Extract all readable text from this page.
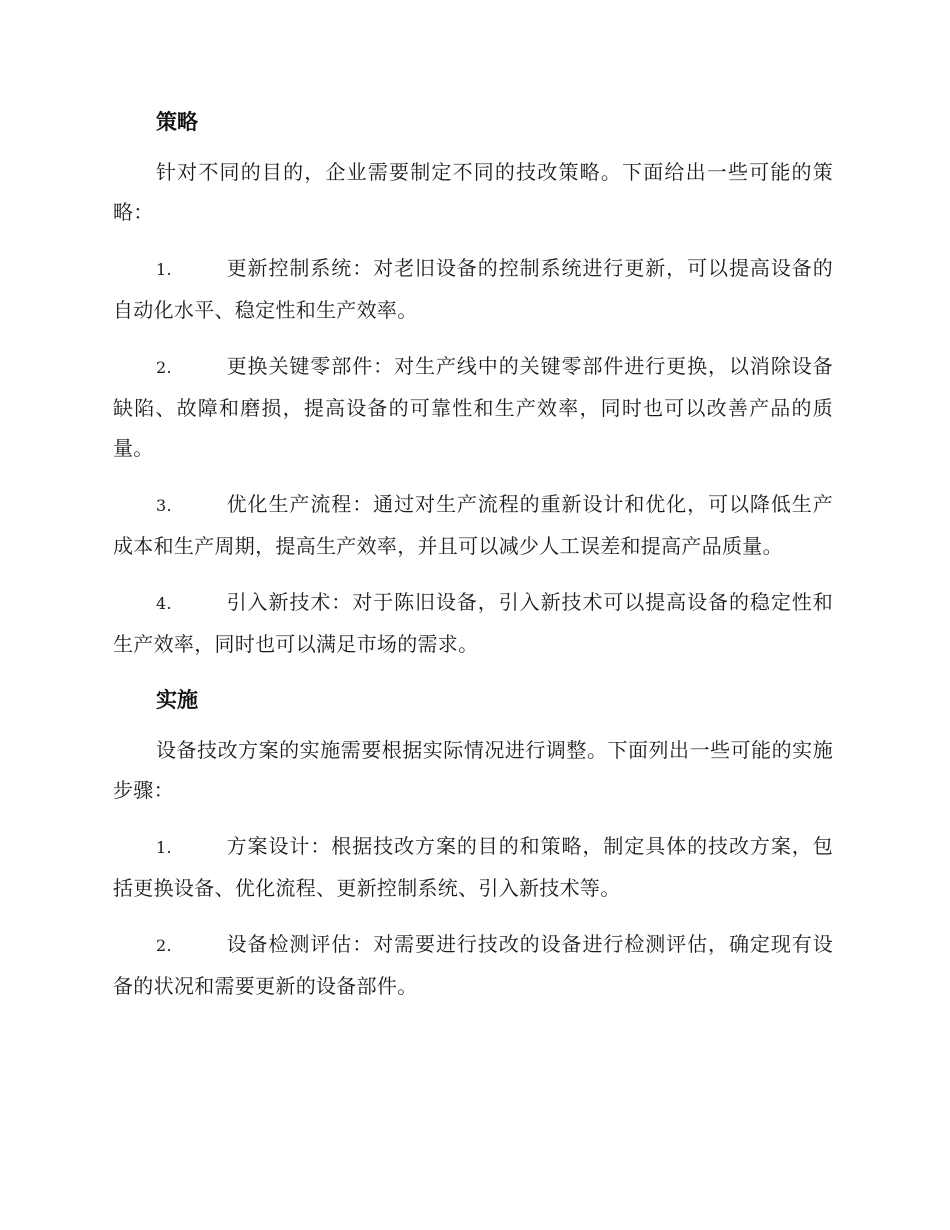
策略

针对不同的目的，企业需要制定不同的技改策略。下面给出一些可能的策略：

1.	更新控制系统：对老旧设备的控制系统进行更新，可以提高设备的自动化水平、稳定性和生产效率。

2.	更换关键零部件：对生产线中的关键零部件进行更换，以消除设备缺陷、故障和磨损，提高设备的可靠性和生产效率，同时也可以改善产品的质量。

3.	优化生产流程：通过对生产流程的重新设计和优化，可以降低生产成本和生产周期，提高生产效率，并且可以减少人工误差和提高产品质量。

4.	引入新技术：对于陈旧设备，引入新技术可以提高设备的稳定性和生产效率，同时也可以满足市场的需求。

实施

设备技改方案的实施需要根据实际情况进行调整。下面列出一些可能的实施步骤：

1.	方案设计：根据技改方案的目的和策略，制定具体的技改方案，包括更换设备、优化流程、更新控制系统、引入新技术等。

2.	设备检测评估：对需要进行技改的设备进行检测评估，确定现有设备的状况和需要更新的设备部件。
